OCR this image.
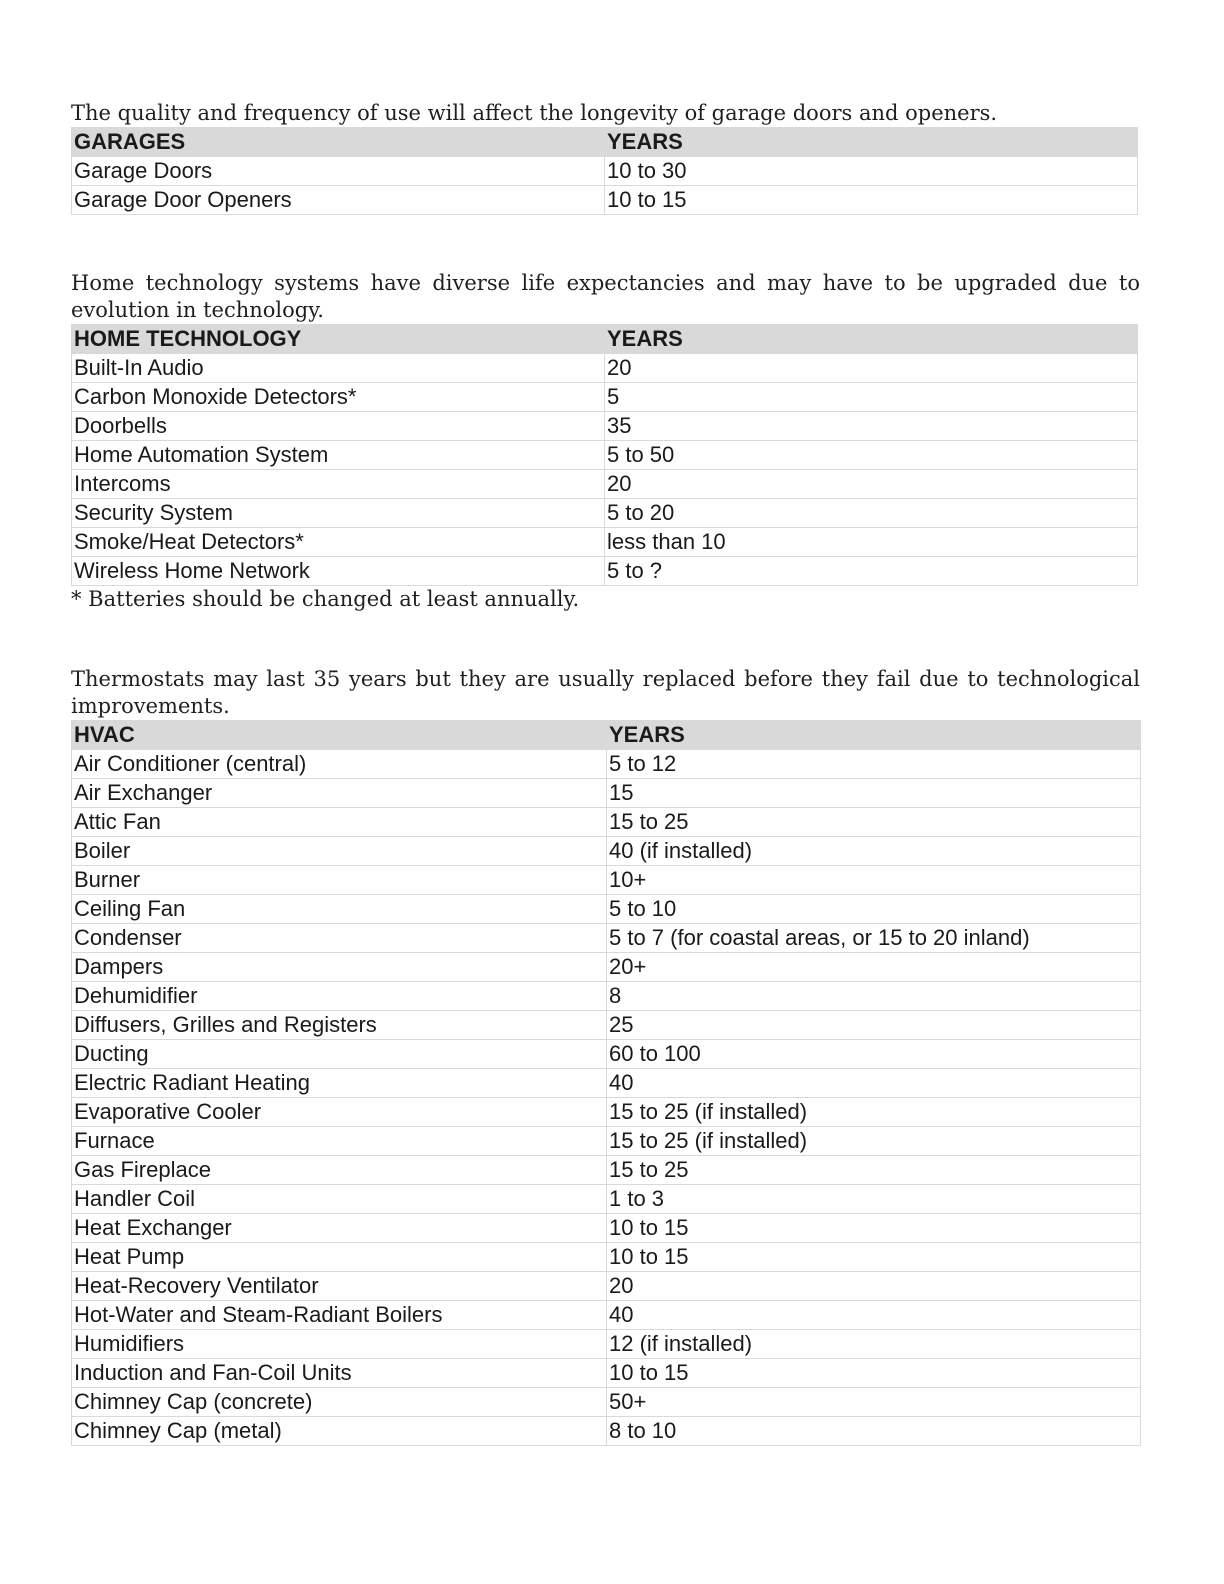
The quality and frequency of use will affect the longevity of garage doors and openers.

GARAGES	YEARS
Garage Doors	10 to 30
Garage Door Openers	10 to 15

Home technology systems have diverse life expectancies and may have to be upgraded due to evolution in technology.

HOME TECHNOLOGY	YEARS
Built-In Audio	20
Carbon Monoxide Detectors*	5
Doorbells	35
Home Automation System	5 to 50
Intercoms	20
Security System	5 to 20
Smoke/Heat Detectors*	less than 10
Wireless Home Network	5 to ?

* Batteries should be changed at least annually.

Thermostats may last 35 years but they are usually replaced before they fail due to technological improvements.

HVAC	YEARS
Air Conditioner (central)	5 to 12
Air Exchanger	15
Attic Fan	15 to 25
Boiler	40 (if installed)
Burner	10+
Ceiling Fan	5 to 10
Condenser	5 to 7 (for coastal areas, or 15 to 20 inland)
Dampers	20+
Dehumidifier	8
Diffusers, Grilles and Registers	25
Ducting	60 to 100
Electric Radiant Heating	40
Evaporative Cooler	15 to 25 (if installed)
Furnace	15 to 25 (if installed)
Gas Fireplace	15 to 25
Handler Coil	1 to 3
Heat Exchanger	10 to 15
Heat Pump	10 to 15
Heat-Recovery Ventilator	20
Hot-Water and Steam-Radiant Boilers	40
Humidifiers	12 (if installed)
Induction and Fan-Coil Units	10 to 15
Chimney Cap (concrete)	50+
Chimney Cap (metal)	8 to 10
